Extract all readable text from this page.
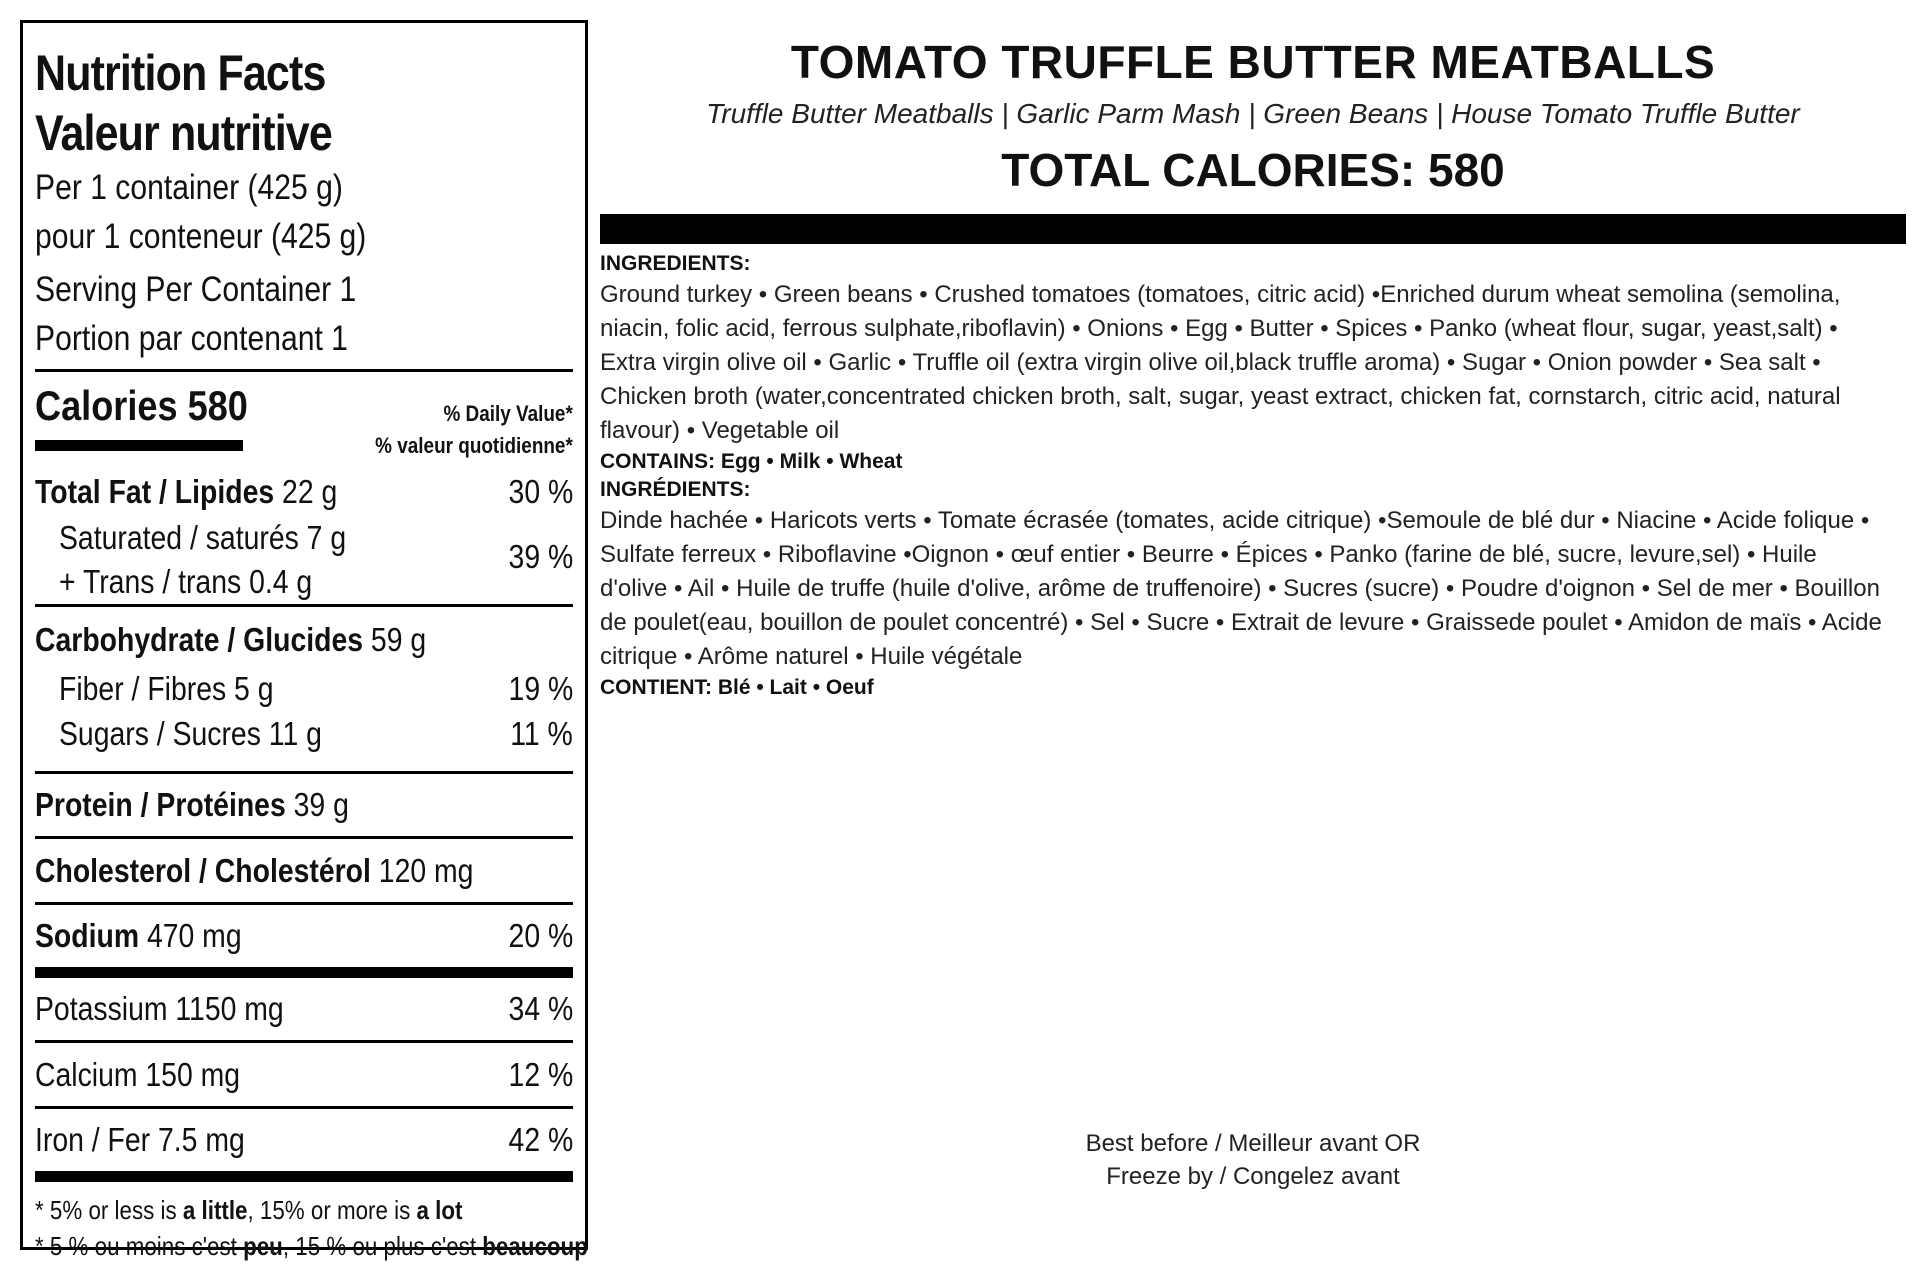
Nutrition Facts
Valeur nutritive
Per 1 container (425 g)
pour 1 conteneur (425 g)
Serving Per Container 1
Portion par contenant 1
Calories 580	% Daily Value*
% valeur quotidienne*
Total Fat / Lipides 22 g	30 %
Saturated / saturés 7 g
+ Trans / trans 0.4 g
39 %
Carbohydrate / Glucides 59 g
Fiber / Fibres 5 g	19 %
Sugars / Sucres 11 g	11 %
Protein / Protéines 39 g
Cholesterol / Cholestérol 120 mg
Sodium 470 mg	20 %
Potassium 1150 mg	34 %
Calcium 150 mg	12 %
Iron / Fer 7.5 mg	42 %
* 5% or less is a little, 15% or more is a lot
* 5 % ou moins c'est peu, 15 % ou plus c'est beaucoup
TOMATO TRUFFLE BUTTER MEATBALLS
Truffle Butter Meatballs | Garlic Parm Mash | Green Beans | House Tomato Truffle Butter
TOTAL CALORIES: 580
INGREDIENTS:
Ground turkey • Green beans • Crushed tomatoes (tomatoes, citric acid) •Enriched durum wheat semolina (semolina, niacin, folic acid, ferrous sulphate,riboflavin) • Onions • Egg • Butter • Spices • Panko (wheat flour, sugar, yeast,salt) • Extra virgin olive oil • Garlic • Truffle oil (extra virgin olive oil,black truffle aroma) • Sugar • Onion powder • Sea salt • Chicken broth (water,concentrated chicken broth, salt, sugar, yeast extract, chicken fat, cornstarch, citric acid, natural flavour) • Vegetable oil
CONTAINS: Egg • Milk • Wheat
INGRÉDIENTS:
Dinde hachée • Haricots verts • Tomate écrasée (tomates, acide citrique) •Semoule de blé dur • Niacine • Acide folique • Sulfate ferreux • Riboflavine •Oignon • œuf entier • Beurre • Épices • Panko (farine de blé, sucre, levure,sel) • Huile d'olive • Ail • Huile de truffe (huile d'olive, arôme de truffenoire) • Sucres (sucre) • Poudre d'oignon • Sel de mer • Bouillon de poulet(eau, bouillon de poulet concentré) • Sel • Sucre • Extrait de levure • Graissede poulet • Amidon de maïs • Acide citrique • Arôme naturel • Huile végétale
CONTIENT: Blé • Lait • Oeuf
Best before / Meilleur avant OR
Freeze by / Congelez avant
